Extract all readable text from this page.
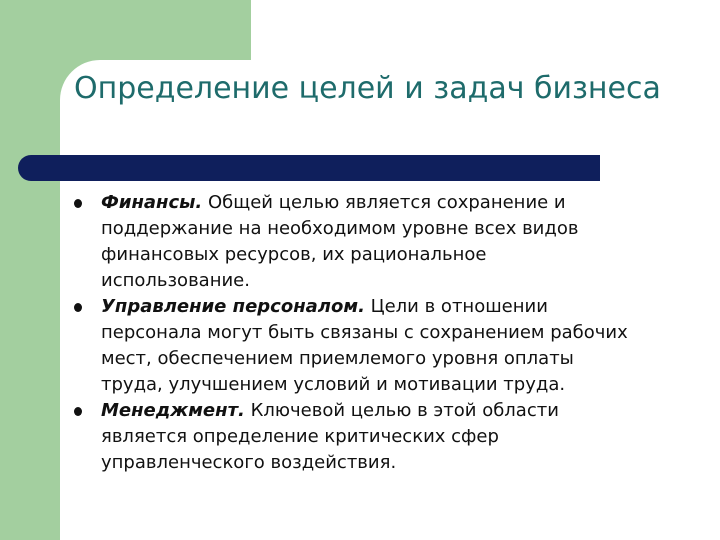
Определение целей и задач бизнеса
Финансы. Общей целью является сохранение и поддержание на необходимом уровне всех видов финансовых ресурсов, их рациональное использование.
Управление персоналом. Цели в отношении персонала могут быть связаны с сохранением рабочих мест, обеспечением приемлемого уровня оплаты труда, улучшением условий и мотивации труда.
Менеджмент. Ключевой целью в этой области является определение критических сфер управленческого воздействия.
